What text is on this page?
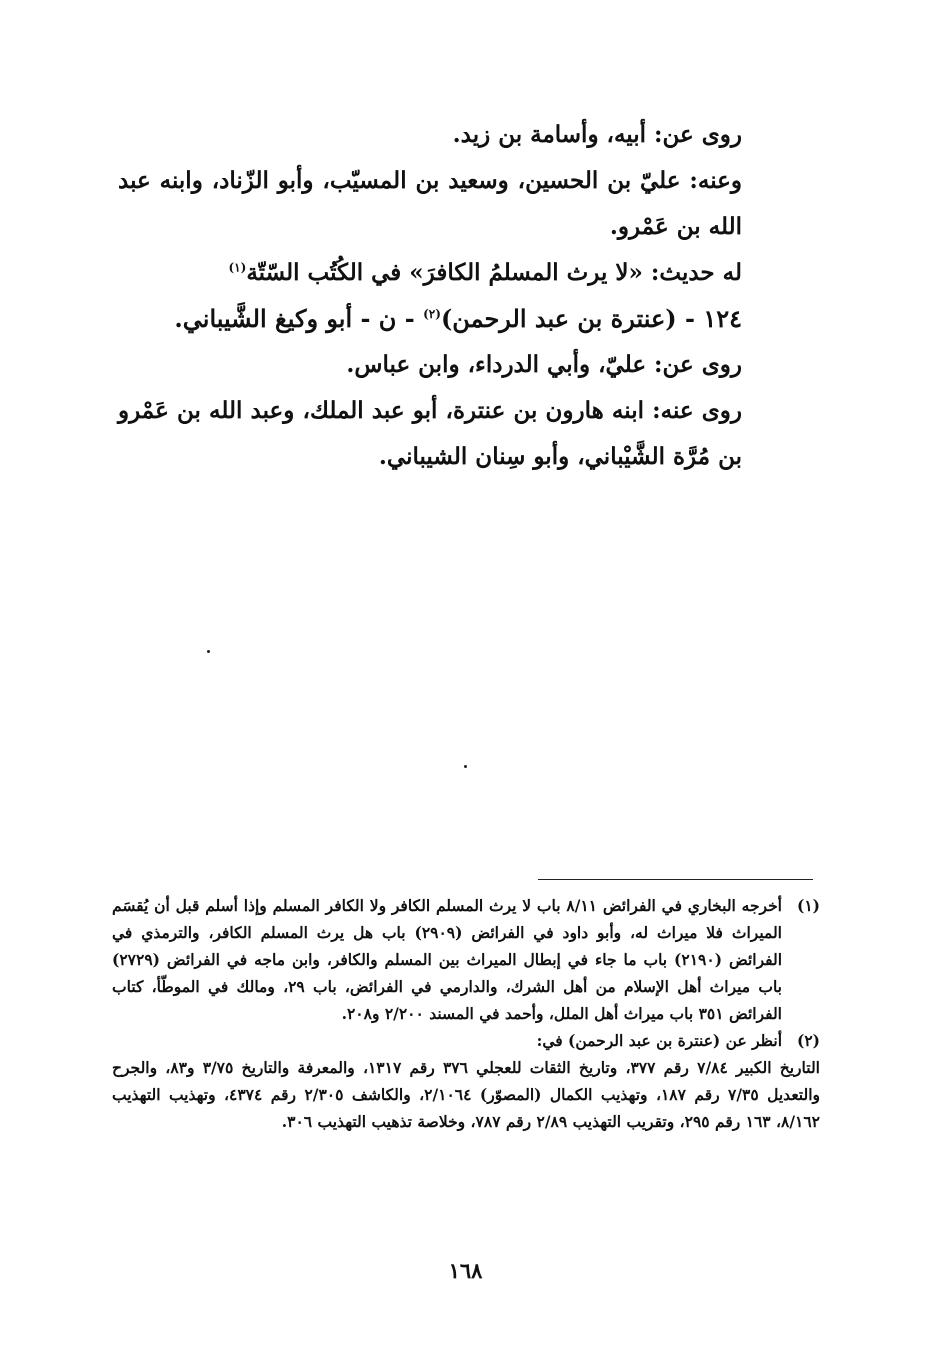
روى عن: أبيه، وأسامة بن زيد.

وعنه: عليّ بن الحسين، وسعيد بن المسيّب، وأبو الزّناد، وابنه عبد الله بن عَمْرو.

له حديث: «لا يرث المسلمُ الكافرَ» في الكُتُب السّتّة$^{(١)}$

١٢٤ - (عنترة بن عبد الرحمن)$^{(٢)}$ - ن - أبو وكيغ الشَّيباني.

روى عن: عليّ، وأبي الدرداء، وابن عباس.

روى عنه: ابنه هارون بن عنترة، أبو عبد الملك، وعبد الله بن عَمْرو بن مُرَّة الشَّيْباني، وأبو سِنان الشيباني.

(١)

أخرجه البخاري في الفرائض ٨/١١ باب لا يرث المسلم الكافر ولا الكافر المسلم وإذا أسلم قبل أن يُقسَم الميراث فلا ميراث له، وأبو داود في الفرائض (٢٩٠٩) باب هل يرث المسلم الكافر، والترمذي في الفرائض (٢١٩٠) باب ما جاء في إبطال الميراث بين المسلم والكافر، وابن ماجه في الفرائض (٢٧٢٩) باب ميراث أهل الإسلام من أهل الشرك، والدارمي في الفرائض، باب ٢٩، ومالك في الموطّأ، كتاب الفرائض ٣٥١ باب ميراث أهل الملل، وأحمد في المسند ٢/٢٠٠ و٢٠٨.

(٢)

أنظر عن (عنترة بن عبد الرحمن) في:

التاريخ الكبير ٧/٨٤ رقم ٣٧٧، وتاريخ الثقات للعجلي ٣٧٦ رقم ١٣١٧، والمعرفة والتاريخ ٣/٧٥ و٨٣، والجرح والتعديل ٧/٣٥ رقم ١٨٧، وتهذيب الكمال (المصوّر) ٢/١٠٦٤، والكاشف ٢/٣٠٥ رقم ٤٣٧٤، وتهذيب التهذيب ٨/١٦٢، ١٦٣ رقم ٢٩٥، وتقريب التهذيب ٢/٨٩ رقم ٧٨٧، وخلاصة تذهيب التهذيب ٣٠٦.

١٦٨
